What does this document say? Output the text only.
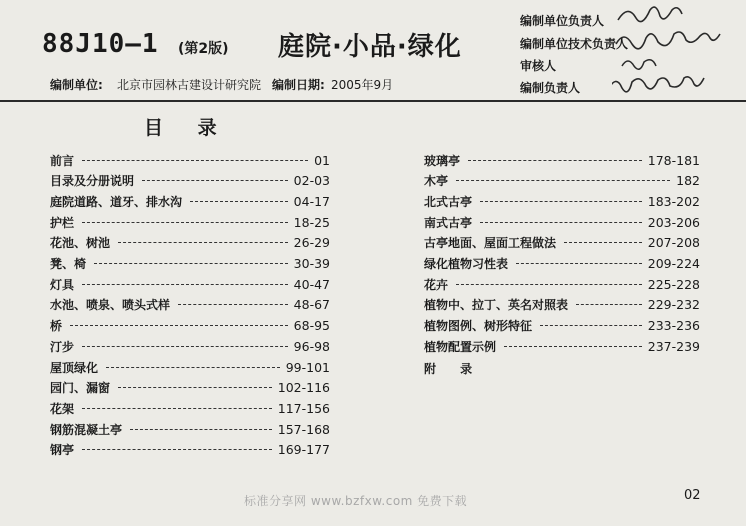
88J10—1 (第2版) 庭院·小品·绿化
编制单位: 北京市园林古建设计研究院 编制日期: 2005年9月
编制单位负责人
编制单位技术负责人
审核人
编制负责人
目 录
前言	01
目录及分册说明	02-03
庭院道路、道牙、排水沟	04-17
护栏	18-25
花池、树池	26-29
凳、椅	30-39
灯具	40-47
水池、喷泉、喷头式样	48-67
桥	68-95
汀步	96-98
屋顶绿化	99-101
园门、漏窗	102-116
花架	117-156
钢筋混凝土亭	157-168
钢亭	169-177
玻璃亭	178-181
木亭	182
北式古亭	183-202
南式古亭	203-206
古亭地面、屋面工程做法	207-208
绿化植物习性表	209-224
花卉	225-228
植物中、拉丁、英名对照表	229-232
植物图例、树形特征	233-236
植物配置示例	237-239
附 录
标准分享网 www.bzfxw.com 免费下载	02
